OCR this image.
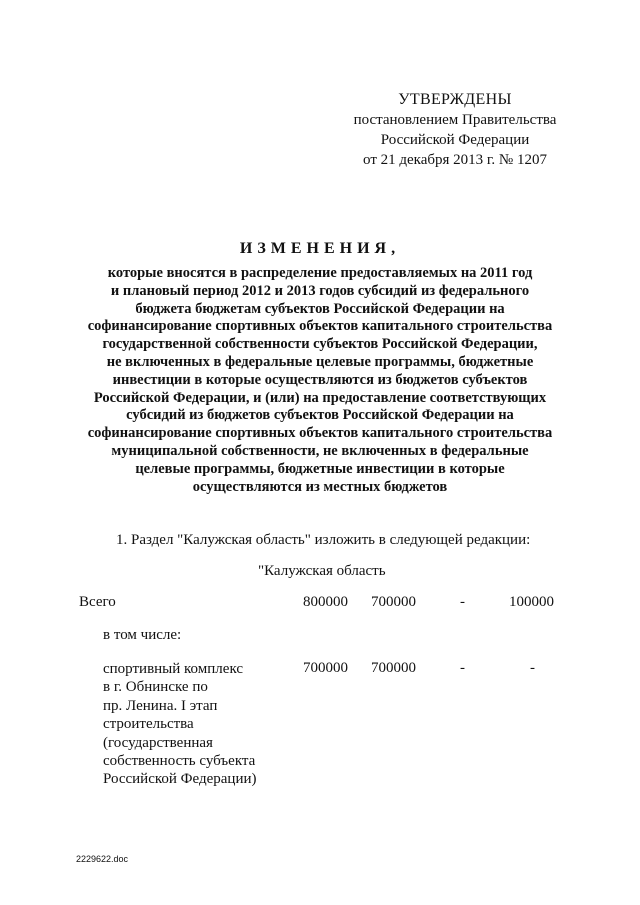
УТВЕРЖДЕНЫ
постановлением Правительства
Российской Федерации
от 21 декабря 2013 г. № 1207
ИЗМЕНЕНИЯ,
которые вносятся в распределение предоставляемых на 2011 год
и плановый период 2012 и 2013 годов субсидий из федерального
бюджета бюджетам субъектов Российской Федерации на
софинансирование спортивных объектов капитального строительства
государственной собственности субъектов Российской Федерации,
не включенных в федеральные целевые программы, бюджетные
инвестиции в которые осуществляются из бюджетов субъектов
Российской Федерации, и (или) на предоставление соответствующих
субсидий из бюджетов субъектов Российской Федерации на
софинансирование спортивных объектов капитального строительства
муниципальной собственности, не включенных в федеральные
целевые программы, бюджетные инвестиции в которые
осуществляются из местных бюджетов
1. Раздел "Калужская область" изложить в следующей редакции:
"Калужская область
Всего	800000 700000	-	100000
в том числе:
спортивный комплекс
в г. Обнинске по
пр. Ленина. I этап
строительства
(государственная
собственность субъекта
Российской Федерации)
700000 700000	-	-
2229622.doc
